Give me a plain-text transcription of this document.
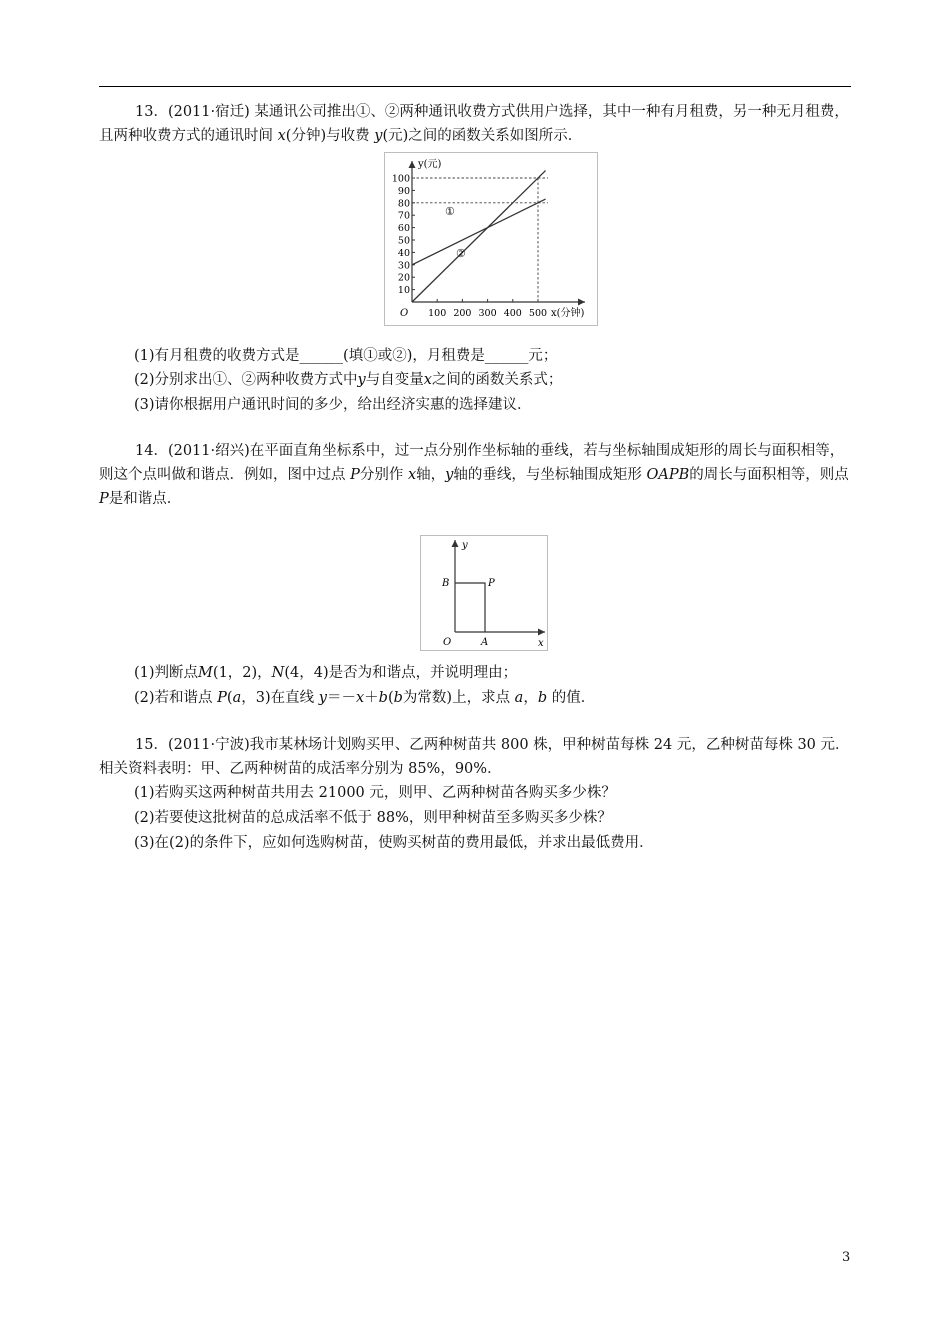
13．(2011·宿迁) 某通讯公司推出①、②两种通讯收费方式供用户选择，其中一种有月租费，另一种无月租费，且两种收费方式的通讯时间 x(分钟)与收费 y(元)之间的函数关系如图所示．
y(元)
x(分钟)
O
100
90
80
70
60
50
40
30
20
10
100 200 300 400 500
①
②
(1)有月租费的收费方式是______(填①或②)，月租费是______元；
(2)分别求出①、②两种收费方式中y与自变量x之间的函数关系式；
(3)请你根据用户通讯时间的多少，给出经济实惠的选择建议．
14．(2011·绍兴)在平面直角坐标系中，过一点分别作坐标轴的垂线，若与坐标轴围成矩形的周长与面积相等，则这个点叫做和谐点．例如，图中过点 P分别作 x轴，y轴的垂线，与坐标轴围成矩形 OAPB的周长与面积相等，则点 P是和谐点．
y
x
O	A
B	P
(1)判断点M(1，2)，N(4，4)是否为和谐点，并说明理由；
(2)若和谐点 P(a，3)在直线 y＝－x＋b(b为常数)上，求点 a，b 的值．
15．(2011·宁波)我市某林场计划购买甲、乙两种树苗共 800 株，甲种树苗每株 24 元，乙种树苗每株 30 元．相关资料表明：甲、乙两种树苗的成活率分别为 85%，90%．
(1)若购买这两种树苗共用去 21000 元，则甲、乙两种树苗各购买多少株？
(2)若要使这批树苗的总成活率不低于 88%，则甲种树苗至多购买多少株？
(3)在(2)的条件下，应如何选购树苗，使购买树苗的费用最低，并求出最低费用．
3
